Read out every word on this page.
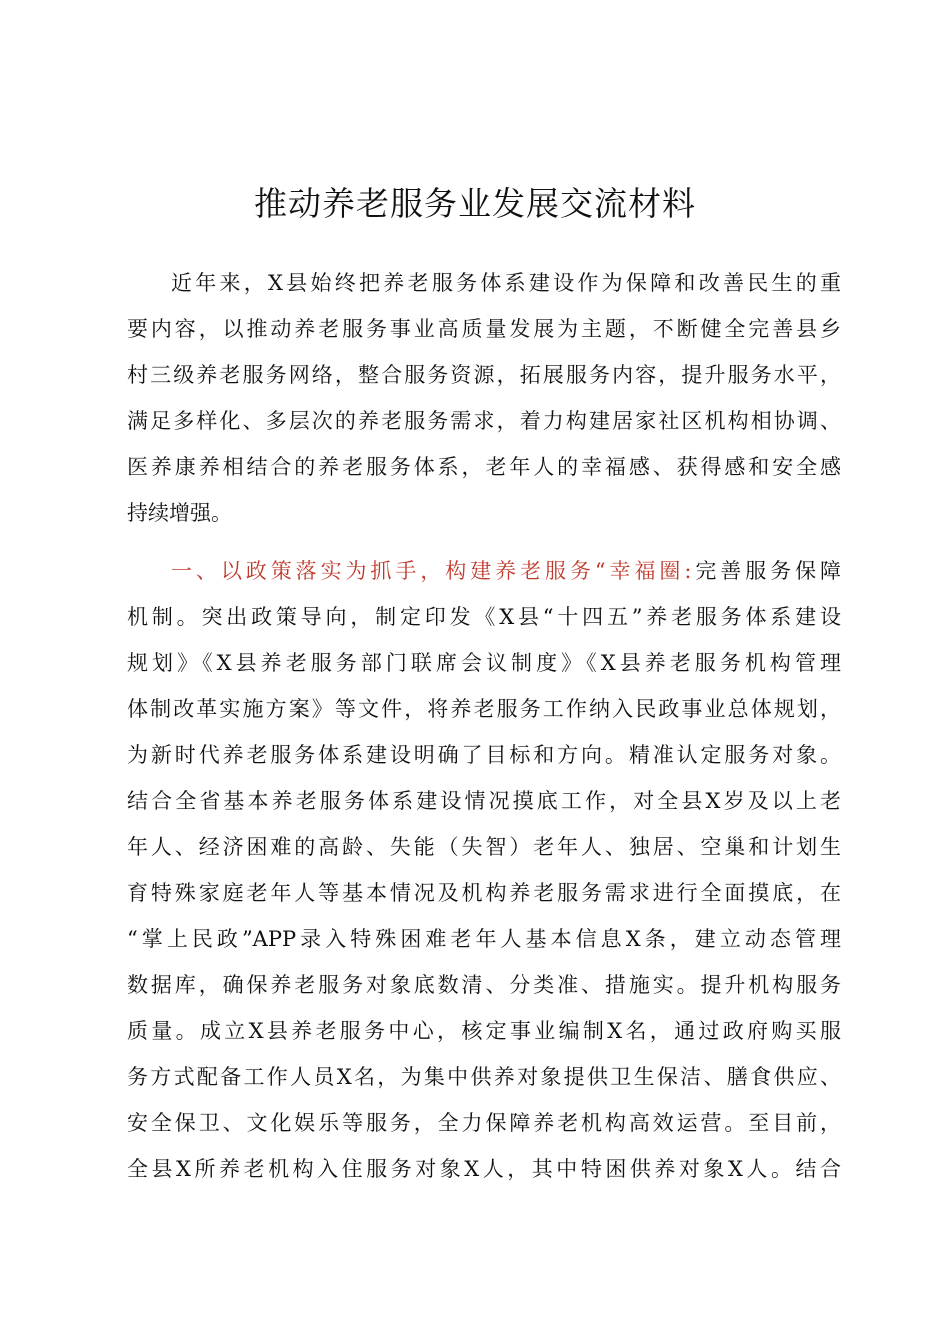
推动养老服务业发展交流材料
近年来，X县始终把养老服务体系建设作为保障和改善民生的重
要内容，以推动养老服务事业高质量发展为主题，不断健全完善县乡
村三级养老服务网络，整合服务资源，拓展服务内容，提升服务水平，
满足多样化、多层次的养老服务需求，着力构建居家社区机构相协调、
医养康养相结合的养老服务体系，老年人的幸福感、获得感和安全感
持续增强。
一、以政策落实为抓手，构建养老服务“幸福圈:完善服务保障
机制。突出政策导向，制定印发《X县“十四五”养老服务体系建设
规划》《X县养老服务部门联席会议制度》《X县养老服务机构管理
体制改革实施方案》等文件，将养老服务工作纳入民政事业总体规划，
为新时代养老服务体系建设明确了目标和方向。精准认定服务对象。
结合全省基本养老服务体系建设情况摸底工作，对全县X岁及以上老
年人、经济困难的高龄、失能（失智）老年人、独居、空巢和计划生
育特殊家庭老年人等基本情况及机构养老服务需求进行全面摸底，在
“掌上民政”APP录入特殊困难老年人基本信息X条，建立动态管理
数据库，确保养老服务对象底数清、分类准、措施实。提升机构服务
质量。成立X县养老服务中心，核定事业编制X名，通过政府购买服
务方式配备工作人员X名，为集中供养对象提供卫生保洁、膳食供应、
安全保卫、文化娱乐等服务，全力保障养老机构高效运营。至目前，
全县X所养老机构入住服务对象X人，其中特困供养对象X人。结合
